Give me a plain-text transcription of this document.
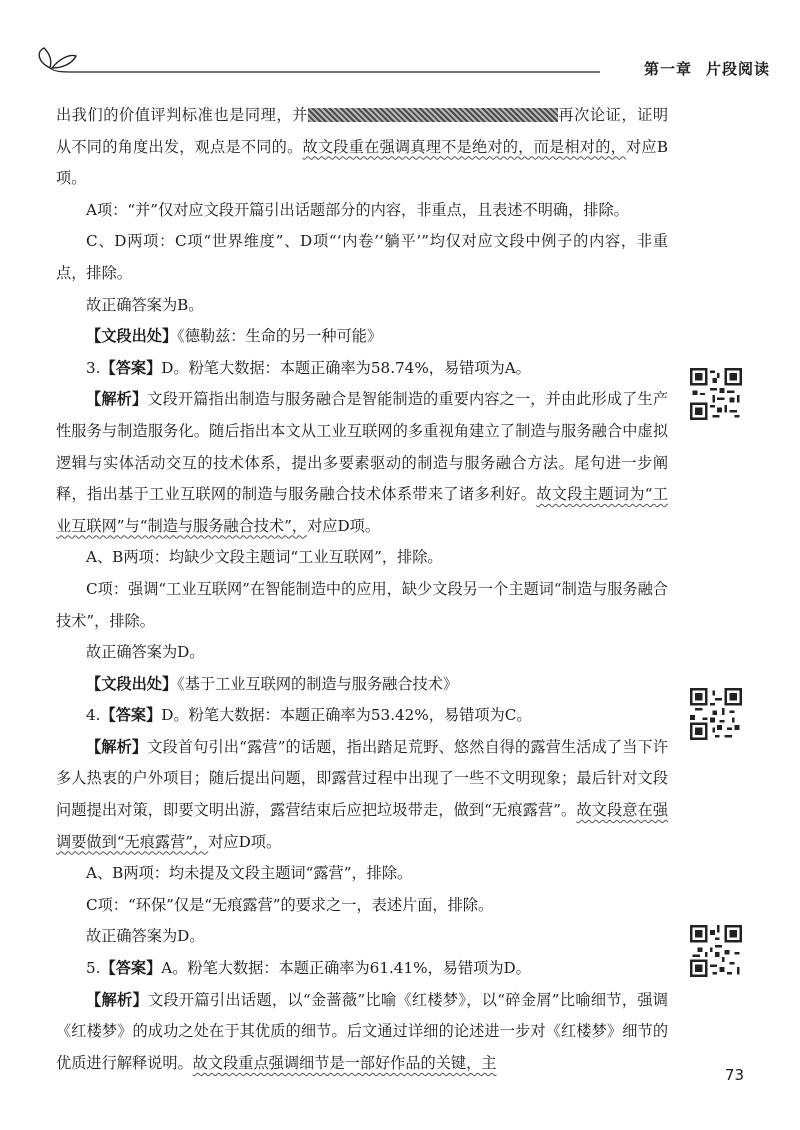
第一章 片段阅读

出我们的价值评判标准也是同理，并	再次论证，证明从不同的角度出发，观点是不同的。故文段重在强调真理不是绝对的，而是相对的，对应B项。

A项：“并”仅对应文段开篇引出话题部分的内容，非重点，且表述不明确，排除。

C、D两项：C项“世界维度”、D项“‘内卷’‘躺平’”均仅对应文段中例子的内容，非重点，排除。

故正确答案为B。

【文段出处】《德勒兹：生命的另一种可能》

3.【答案】D。粉笔大数据：本题正确率为58.74%，易错项为A。

【解析】文段开篇指出制造与服务融合是智能制造的重要内容之一，并由此形成了生产性服务与制造服务化。随后指出本文从工业互联网的多重视角建立了制造与服务融合中虚拟逻辑与实体活动交互的技术体系，提出多要素驱动的制造与服务融合方法。尾句进一步阐释，指出基于工业互联网的制造与服务融合技术体系带来了诸多利好。故文段主题词为“工业互联网”与“制造与服务融合技术”，对应D项。

A、B两项：均缺少文段主题词“工业互联网”，排除。

C项：强调“工业互联网”在智能制造中的应用，缺少文段另一个主题词“制造与服务融合技术”，排除。

故正确答案为D。

【文段出处】《基于工业互联网的制造与服务融合技术》

4.【答案】D。粉笔大数据：本题正确率为53.42%，易错项为C。

【解析】文段首句引出“露营”的话题，指出踏足荒野、悠然自得的露营生活成了当下许多人热衷的户外项目；随后提出问题，即露营过程中出现了一些不文明现象；最后针对文段问题提出对策，即要文明出游，露营结束后应把垃圾带走，做到“无痕露营”。故文段意在强调要做到“无痕露营”，对应D项。

A、B两项：均未提及文段主题词“露营”，排除。

C项：“环保”仅是“无痕露营”的要求之一，表述片面，排除。

故正确答案为D。

5.【答案】A。粉笔大数据：本题正确率为61.41%，易错项为D。

【解析】文段开篇引出话题，以“金蔷薇”比喻《红楼梦》，以“碎金屑”比喻细节，强调《红楼梦》的成功之处在于其优质的细节。后文通过详细的论述进一步对《红楼梦》细节的优质进行解释说明。故文段重点强调细节是一部好作品的关键，主

73
